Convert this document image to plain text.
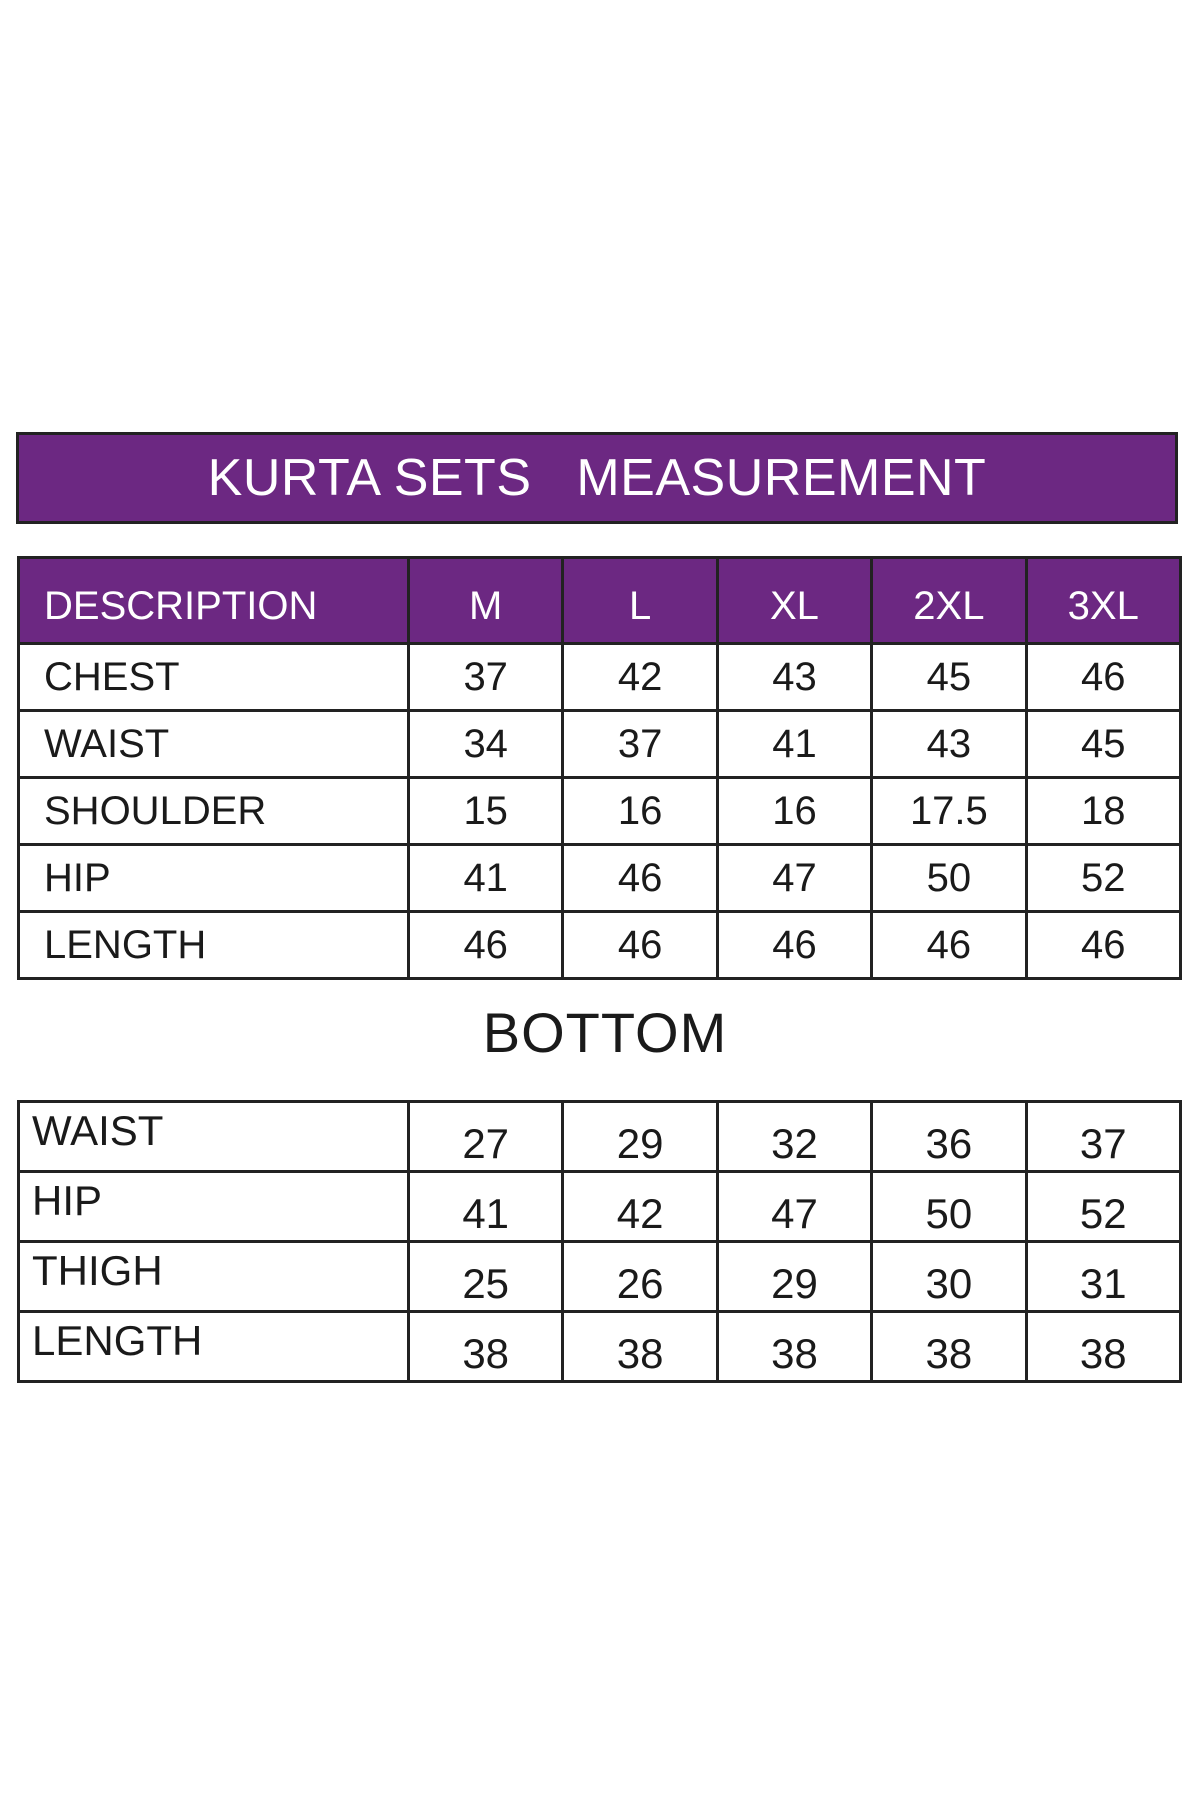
KURTA SETS   MEASUREMENT
DESCRIPTION	M	L	XL	2XL	3XL
CHEST	37	42	43	45	46
WAIST	34	37	41	43	45
SHOULDER	15	16	16	17.5	18
HIP	41	46	47	50	52
LENGTH	46	46	46	46	46
BOTTOM
WAIST	27	29	32	36	37
HIP	41	42	47	50	52
THIGH	25	26	29	30	31
LENGTH	38	38	38	38	38
